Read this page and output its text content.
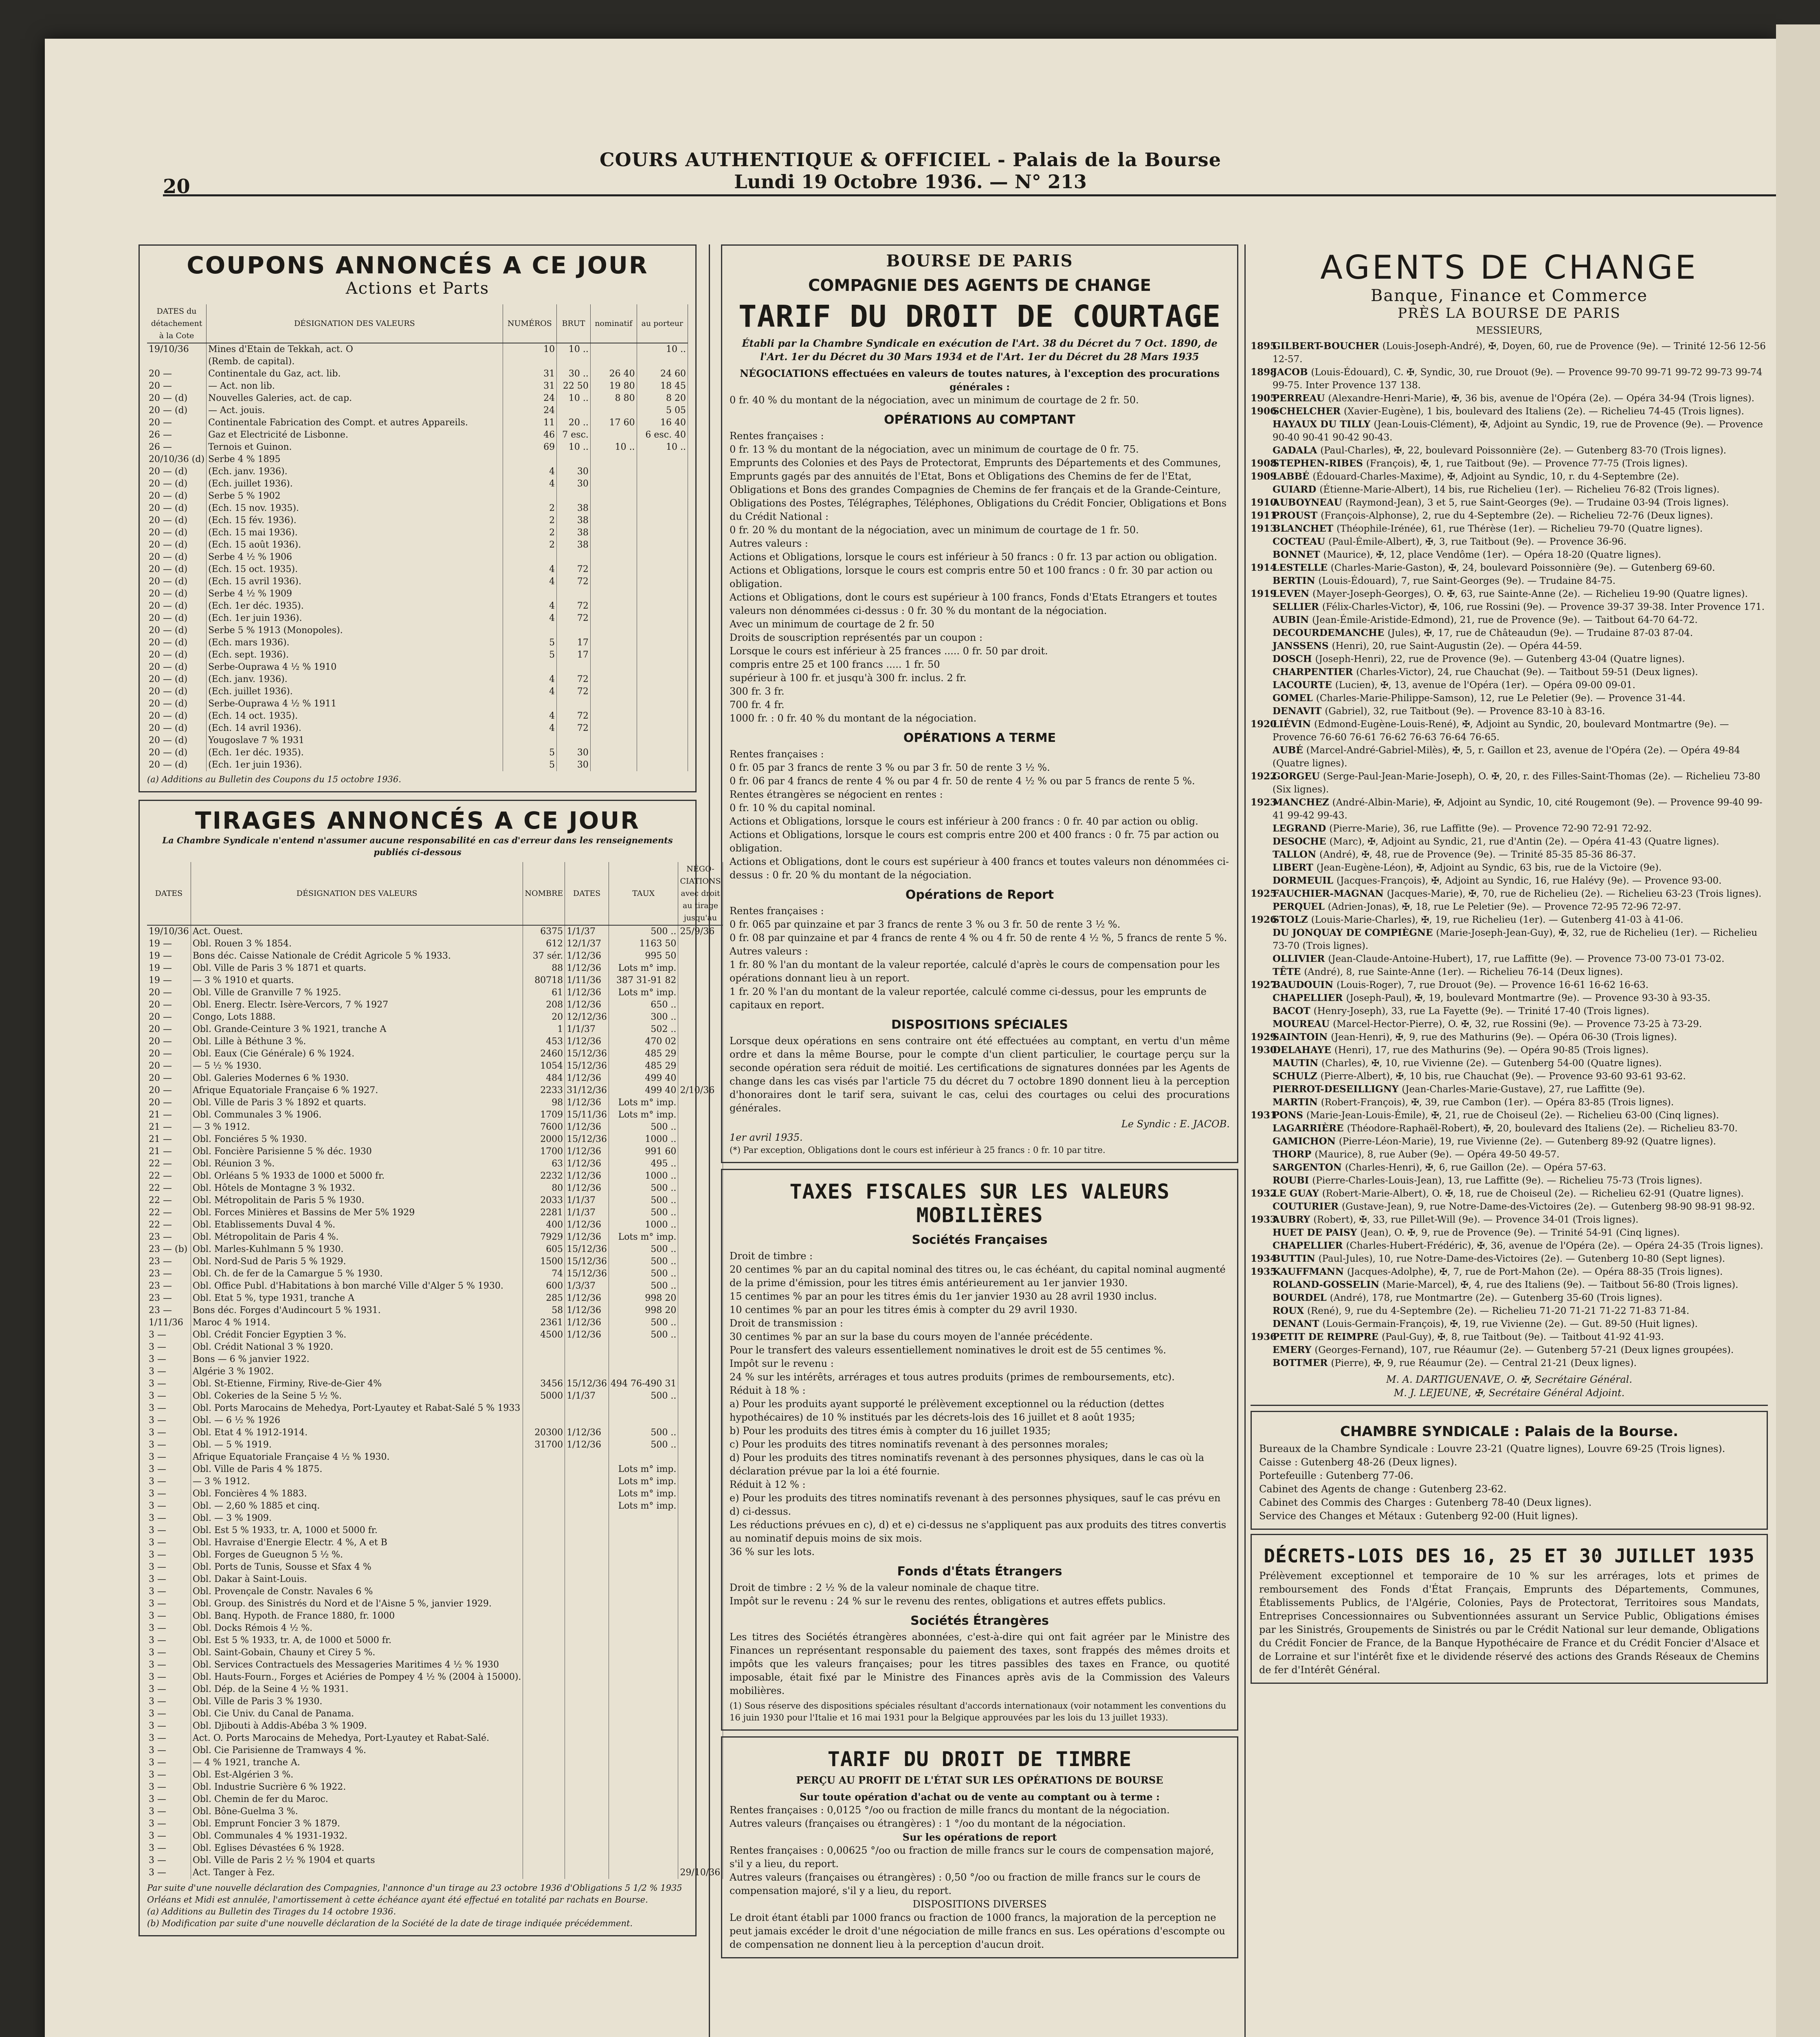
20
COURS AUTHENTIQUE & OFFICIEL - Palais de la Bourse
Lundi 19 Octobre 1936. — N° 213
COUPONS ANNONCÉS A CE JOUR
Actions et Parts
DATES du détachement à la Cote	DÉSIGNATION DES VALEURS	NUMÉROS	BRUT	nominatif	au porteur
19/10/36	Mines d'Etain de Tekkah, act. O	10	10 ..		10 ..
	(Remb. de capital).				
20 —	Continentale du Gaz, act. lib.	31	30 ..	26 40	24 60
20 —	— Act. non lib.	31	22 50	19 80	18 45
20 — (d)	Nouvelles Galeries, act. de cap.	24	10 ..	8 80	8 20
20 — (d)	— Act. jouis.	24			5 05
20 —	Continentale Fabrication des Compt. et autres Appareils.	11	20 ..	17 60	16 40
26 —	Gaz et Electricité de Lisbonne.	46	7 esc.		6 esc. 40
26 —	Ternois et Guinon.	69	10 ..	10 ..	10 ..
20/10/36 (d)	Serbe 4 % 1895				
20 — (d)	(Ech. janv. 1936).	4	30		
20 — (d)	(Ech. juillet 1936).	4	30		
20 — (d)	Serbe 5 % 1902				
20 — (d)	(Ech. 15 nov. 1935).	2	38		
20 — (d)	(Ech. 15 fév. 1936).	2	38		
20 — (d)	(Ech. 15 mai 1936).	2	38		
20 — (d)	(Ech. 15 août 1936).	2	38		
20 — (d)	Serbe 4 ½ % 1906				
20 — (d)	(Ech. 15 oct. 1935).	4	72		
20 — (d)	(Ech. 15 avril 1936).	4	72		
20 — (d)	Serbe 4 ½ % 1909				
20 — (d)	(Ech. 1er déc. 1935).	4	72		
20 — (d)	(Ech. 1er juin 1936).	4	72		
20 — (d)	Serbe 5 % 1913 (Monopoles).				
20 — (d)	(Ech. mars 1936).	5	17		
20 — (d)	(Ech. sept. 1936).	5	17		
20 — (d)	Serbe-Ouprawa 4 ½ % 1910				
20 — (d)	(Ech. janv. 1936).	4	72		
20 — (d)	(Ech. juillet 1936).	4	72		
20 — (d)	Serbe-Ouprawa 4 ½ % 1911				
20 — (d)	(Ech. 14 oct. 1935).	4	72		
20 — (d)	(Ech. 14 avril 1936).	4	72		
20 — (d)	Yougoslave 7 % 1931				
20 — (d)	(Ech. 1er déc. 1935).	5	30		
20 — (d)	(Ech. 1er juin 1936).	5	30		
(a) Additions au Bulletin des Coupons du 15 octobre 1936.
TIRAGES ANNONCÉS A CE JOUR
La Chambre Syndicale n'entend n'assumer aucune responsabilité en cas d'erreur dans les renseignements publiés ci-dessous
DATES	DÉSIGNATION DES VALEURS	NOMBRE	DATES	TAUX	NÉGO-CIATIONS avec droit au tirage jusqu'au
19/10/36	Act. Ouest.	6375	1/1/37	500 ..	25/9/36
19 —	Obl. Rouen 3 % 1854.	612	12/1/37	1163 50	
19 —	Bons déc. Caisse Nationale de Crédit Agricole 5 % 1933.	37 sér.	1/12/36	995 50	
19 —	Obl. Ville de Paris 3 % 1871 et quarts.	88	1/12/36	Lots m° imp.	
19 —	— 3 % 1910 et quarts.	80718	1/11/36	387 31-91 82	
20 —	Obl. Ville de Granville 7 % 1925.	61	1/12/36	Lots m° imp.	
20 —	Obl. Energ. Electr. Isère-Vercors, 7 % 1927	208	1/12/36	650 ..	
20 —	Congo, Lots 1888.	20	12/12/36	300 ..	
20 —	Obl. Grande-Ceinture 3 % 1921, tranche A	1	1/1/37	502 ..	
20 —	Obl. Lille à Béthune 3 %.	453	1/12/36	470 02	
20 —	Obl. Eaux (Cie Générale) 6 % 1924.	2460	15/12/36	485 29	
20 —	— 5 ½ % 1930.	1054	15/12/36	485 29	
20 —	Obl. Galeries Modernes 6 % 1930.	484	1/12/36	499 40	
20 —	Afrique Equatoriale Française 6 % 1927.	2233	31/12/36	499 40	2/10/36
20 —	Obl. Ville de Paris 3 % 1892 et quarts.	98	1/12/36	Lots m° imp.	
21 —	Obl. Communales 3 % 1906.	1709	15/11/36	Lots m° imp.	
21 —	— 3 % 1912.	7600	1/12/36	500 ..	
21 —	Obl. Fonciéres 5 % 1930.	2000	15/12/36	1000 ..	
21 —	Obl. Foncière Parisienne 5 % déc. 1930	1700	1/12/36	991 60	
22 —	Obl. Réunion 3 %.	63	1/12/36	495 ..	
22 —	Obl. Orléans 5 % 1933 de 1000 et 5000 fr.	2232	1/12/36	1000 ..	
22 —	Obl. Hôtels de Montagne 3 % 1932.	80	1/12/36	500 ..	
22 —	Obl. Métropolitain de Paris 5 % 1930.	2033	1/1/37	500 ..	
22 —	Obl. Forces Minières et Bassins de Mer 5% 1929	2281	1/1/37	500 ..	
22 —	Obl. Etablissements Duval 4 %.	400	1/12/36	1000 ..	
23 —	Obl. Métropolitain de Paris 4 %.	7929	1/12/36	Lots m° imp.	
23 — (b)	Obl. Marles-Kuhlmann 5 % 1930.	605	15/12/36	500 ..	
23 —	Obl. Nord-Sud de Paris 5 % 1929.	1500	15/12/36	500 ..	
23 —	Obl. Ch. de fer de la Camargue 5 % 1930.	74	15/12/36	500 ..	
23 —	Obl. Office Publ. d'Habitations à bon marché Ville d'Alger 5 % 1930.	600	1/3/37	500 ..	
23 —	Obl. Etat 5 %, type 1931, tranche A	285	1/12/36	998 20	
23 —	Bons déc. Forges d'Audincourt 5 % 1931.	58	1/12/36	998 20	
1/11/36	Maroc 4 % 1914.	2361	1/12/36	500 ..	
3 —	Obl. Crédit Foncier Egyptien 3 %.	4500	1/12/36	500 ..	
3 —	Obl. Crédit National 3 % 1920.				
3 —	Bons — 6 % janvier 1922.				
3 —	Algérie 3 % 1902.				
3 —	Obl. St-Etienne, Firminy, Rive-de-Gier 4%	3456	15/12/36	494 76-490 31	
3 —	Obl. Cokeries de la Seine 5 ½ %.	5000	1/1/37	500 ..	
3 —	Obl. Ports Marocains de Mehedya, Port-Lyautey et Rabat-Salé 5 % 1933				
3 —	Obl. — 6 ½ % 1926				
3 —	Obl. Etat 4 % 1912-1914.	20300	1/12/36	500 ..	
3 —	Obl. — 5 % 1919.	31700	1/12/36	500 ..	
3 —	Afrique Equatoriale Française 4 ½ % 1930.				
3 —	Obl. Ville de Paris 4 % 1875.			Lots m° imp.	
3 —	— 3 % 1912.			Lots m° imp.	
3 —	Obl. Foncières 4 % 1883.			Lots m° imp.	
3 —	Obl. — 2,60 % 1885 et cinq.			Lots m° imp.	
3 —	Obl. — 3 % 1909.				
3 —	Obl. Est 5 % 1933, tr. A, 1000 et 5000 fr.				
3 —	Obl. Havraise d'Energie Electr. 4 %, A et B				
3 —	Obl. Forges de Gueugnon 5 ½ %.				
3 —	Obl. Ports de Tunis, Sousse et Sfax 4 %				
3 —	Obl. Dakar à Saint-Louis.				
3 —	Obl. Provençale de Constr. Navales 6 %				
3 —	Obl. Group. des Sinistrés du Nord et de l'Aisne 5 %, janvier 1929.				
3 —	Obl. Banq. Hypoth. de France 1880, fr. 1000				
3 —	Obl. Docks Rémois 4 ½ %.				
3 —	Obl. Est 5 % 1933, tr. A, de 1000 et 5000 fr.				
3 —	Obl. Saint-Gobain, Chauny et Cirey 5 %.				
3 —	Obl. Services Contractuels des Messageries Maritimes 4 ½ % 1930				
3 —	Obl. Hauts-Fourn., Forges et Aciéries de Pompey 4 ½ % (2004 à 15000).				
3 —	Obl. Dép. de la Seine 4 ½ % 1931.				
3 —	Obl. Ville de Paris 3 % 1930.				
3 —	Obl. Cie Univ. du Canal de Panama.				
3 —	Obl. Djibouti à Addis-Abéba 3 % 1909.				
3 —	Act. O. Ports Marocains de Mehedya, Port-Lyautey et Rabat-Salé.				
3 —	Obl. Cie Parisienne de Tramways 4 %.				
3 —	— 4 % 1921, tranche A.				
3 —	Obl. Est-Algérien 3 %.				
3 —	Obl. Industrie Sucrière 6 % 1922.				
3 —	Obl. Chemin de fer du Maroc.				
3 —	Obl. Bône-Guelma 3 %.				
3 —	Obl. Emprunt Foncier 3 % 1879.				
3 —	Obl. Communales 4 % 1931-1932.				
3 —	Obl. Eglises Dévastées 6 % 1928.				
3 —	Obl. Ville de Paris 2 ½ % 1904 et quarts				
3 —	Act. Tanger à Fez.				29/10/36
Par suite d'une nouvelle déclaration des Compagnies, l'annonce d'un tirage au 23 octobre 1936 d'Obligations 5 1/2 % 1935 Orléans et Midi est annulée, l'amortissement à cette échéance ayant été effectué en totalité par rachats en Bourse.
(a) Additions au Bulletin des Tirages du 14 octobre 1936.
(b) Modification par suite d'une nouvelle déclaration de la Société de la date de tirage indiquée précédemment.
BOURSE DE PARIS
COMPAGNIE DES AGENTS DE CHANGE
TARIF DU DROIT DE COURTAGE
Établi par la Chambre Syndicale en exécution de l'Art. 38 du Décret du 7 Oct. 1890, de l'Art. 1er du Décret du 30 Mars 1934 et de l'Art. 1er du Décret du 28 Mars 1935
NÉGOCIATIONS effectuées en valeurs de toutes natures, à l'exception des procurations générales :
0 fr. 40 % du montant de la négociation, avec un minimum de courtage de 2 fr. 50.
OPÉRATIONS AU COMPTANT
Rentes françaises :
0 fr. 13 % du montant de la négociation, avec un minimum de courtage de 0 fr. 75.
Emprunts des Colonies et des Pays de Protectorat, Emprunts des Départements et des Communes, Emprunts gagés par des annuités de l'Etat, Bons et Obligations des Chemins de fer de l'Etat, Obligations et Bons des grandes Compagnies de Chemins de fer français et de la Grande-Ceinture, Obligations des Postes, Télégraphes, Téléphones, Obligations du Crédit Foncier, Obligations et Bons du Crédit National :
0 fr. 20 % du montant de la négociation, avec un minimum de courtage de 1 fr. 50.
Autres valeurs :
Actions et Obligations, lorsque le cours est inférieur à 50 francs : 0 fr. 13 par action ou obligation.
Actions et Obligations, lorsque le cours est compris entre 50 et 100 francs : 0 fr. 30 par action ou obligation.
Actions et Obligations, dont le cours est supérieur à 100 francs, Fonds d'Etats Etrangers et toutes valeurs non dénommées ci-dessus : 0 fr. 30 % du montant de la négociation.
Avec un minimum de courtage de 2 fr. 50
Droits de souscription représentés par un coupon :
Lorsque le cours est inférieur à 25 frances ..... 0 fr. 50 par droit.
compris entre 25 et 100 francs ..... 1 fr. 50
supérieur à 100 fr. et jusqu'à 300 fr. inclus. 2 fr.
300 fr. 3 fr.
700 fr. 4 fr.
1000 fr. : 0 fr. 40 % du montant de la négociation.
OPÉRATIONS A TERME
Rentes françaises :
0 fr. 05 par 3 francs de rente 3 % ou par 3 fr. 50 de rente 3 ½ %.
0 fr. 06 par 4 francs de rente 4 % ou par 4 fr. 50 de rente 4 ½ % ou par 5 francs de rente 5 %.
Rentes étrangères se négocient en rentes :
0 fr. 10 % du capital nominal.
Actions et Obligations, lorsque le cours est inférieur à 200 francs : 0 fr. 40 par action ou oblig.
Actions et Obligations, lorsque le cours est compris entre 200 et 400 francs : 0 fr. 75 par action ou obligation.
Actions et Obligations, dont le cours est supérieur à 400 francs et toutes valeurs non dénommées ci-dessus : 0 fr. 20 % du montant de la négociation.
Opérations de Report
Rentes françaises :
0 fr. 065 par quinzaine et par 3 francs de rente 3 % ou 3 fr. 50 de rente 3 ½ %.
0 fr. 08 par quinzaine et par 4 francs de rente 4 % ou 4 fr. 50 de rente 4 ½ %, 5 francs de rente 5 %.
Autres valeurs :
1 fr. 80 % l'an du montant de la valeur reportée, calculé d'après le cours de compensation pour les opérations donnant lieu à un report.
1 fr. 20 % l'an du montant de la valeur reportée, calculé comme ci-dessus, pour les emprunts de capitaux en report.
DISPOSITIONS SPÉCIALES
Lorsque deux opérations en sens contraire ont été effectuées au comptant, en vertu d'un même ordre et dans la même Bourse, pour le compte d'un client particulier, le courtage perçu sur la seconde opération sera réduit de moitié. Les certifications de signatures données par les Agents de change dans les cas visés par l'article 75 du décret du 7 octobre 1890 donnent lieu à la perception d'honoraires dont le tarif sera, suivant le cas, celui des courtages ou celui des procurations générales.
Le Syndic : E. JACOB.
1er avril 1935.
(*) Par exception, Obligations dont le cours est inférieur à 25 francs : 0 fr. 10 par titre.
TAXES FISCALES SUR LES VALEURS MOBILIÈRES
Sociétés Françaises
Droit de timbre :
20 centimes % par an du capital nominal des titres ou, le cas échéant, du capital nominal augmenté de la prime d'émission, pour les titres émis antérieurement au 1er janvier 1930.
15 centimes % par an pour les titres émis du 1er janvier 1930 au 28 avril 1930 inclus.
10 centimes % par an pour les titres émis à compter du 29 avril 1930.
Droit de transmission :
30 centimes % par an sur la base du cours moyen de l'année précédente.
Pour le transfert des valeurs essentiellement nominatives le droit est de 55 centimes %.
Impôt sur le revenu :
24 % sur les intérêts, arrérages et tous autres produits (primes de remboursements, etc).
Réduit à 18 % :
a) Pour les produits ayant supporté le prélèvement exceptionnel ou la réduction (dettes hypothécaires) de 10 % institués par les décrets-lois des 16 juillet et 8 août 1935;
b) Pour les produits des titres émis à compter du 16 juillet 1935;
c) Pour les produits des titres nominatifs revenant à des personnes morales;
d) Pour les produits des titres nominatifs revenant à des personnes physiques, dans le cas où la déclaration prévue par la loi a été fournie.
Réduit à 12 % :
e) Pour les produits des titres nominatifs revenant à des personnes physiques, sauf le cas prévu en d) ci-dessus.
Les réductions prévues en c), d) et e) ci-dessus ne s'appliquent pas aux produits des titres convertis au nominatif depuis moins de six mois.
36 % sur les lots.
Fonds d'États Étrangers
Droit de timbre : 2 ½ % de la valeur nominale de chaque titre.
Impôt sur le revenu : 24 % sur le revenu des rentes, obligations et autres effets publics.
Sociétés Étrangères
Les titres des Sociétés étrangères abonnées, c'est-à-dire qui ont fait agréer par le Ministre des Finances un représentant responsable du paiement des taxes, sont frappés des mêmes droits et impôts que les valeurs françaises; pour les titres passibles des taxes en France, ou quotité imposable, était fixé par le Ministre des Finances après avis de la Commission des Valeurs mobilières.
(1) Sous réserve des dispositions spéciales résultant d'accords internationaux (voir notamment les conventions du 16 juin 1930 pour l'Italie et 16 mai 1931 pour la Belgique approuvées par les lois du 13 juillet 1933).
TARIF DU DROIT DE TIMBRE
PERÇU AU PROFIT DE L'ÉTAT SUR LES OPÉRATIONS DE BOURSE
Sur toute opération d'achat ou de vente au comptant ou à terme :
Rentes françaises : 0,0125 °/oo ou fraction de mille francs du montant de la négociation.
Autres valeurs (françaises ou étrangères) : 1 °/oo du montant de la négociation.
Sur les opérations de report
Rentes françaises : 0,00625 °/oo ou fraction de mille francs sur le cours de compensation majoré, s'il y a lieu, du report.
Autres valeurs (françaises ou étrangères) : 0,50 °/oo ou fraction de mille francs sur le cours de compensation majoré, s'il y a lieu, du report.
DISPOSITIONS DIVERSES
Le droit étant établi par 1000 francs ou fraction de 1000 francs, la majoration de la perception ne peut jamais excéder le droit d'une négociation de mille francs en sus. Les opérations d'escompte ou de compensation ne donnent lieu à la perception d'aucun droit.
AGENTS DE CHANGE
Banque, Finance et Commerce
PRÈS LA BOURSE DE PARIS
MESSIEURS,
1895GILBERT-BOUCHER (Louis-Joseph-André), ✠, Doyen, 60, rue de Provence (9e). — Trinité 12-56 12-56 12-57.
1898JACOB (Louis-Édouard), C. ✠, Syndic, 30, rue Drouot (9e). — Provence 99-70 99-71 99-72 99-73 99-74 99-75. Inter Provence 137 138.
1905PERREAU (Alexandre-Henri-Marie), ✠, 36 bis, avenue de l'Opéra (2e). — Opéra 34-94 (Trois lignes).
1906SCHELCHER (Xavier-Eugène), 1 bis, boulevard des Italiens (2e). — Richelieu 74-45 (Trois lignes).
HAYAUX DU TILLY (Jean-Louis-Clément), ✠, Adjoint au Syndic, 19, rue de Provence (9e). — Provence 90-40 90-41 90-42 90-43.
GADALA (Paul-Charles), ✠, 22, boulevard Poissonnière (2e). — Gutenberg 83-70 (Trois lignes).
1908STEPHEN-RIBES (François), ✠, 1, rue Taitbout (9e). — Provence 77-75 (Trois lignes).
1909LABBÉ (Édouard-Charles-Maxime), ✠, Adjoint au Syndic, 10, r. du 4-Septembre (2e).
GUIARD (Étienne-Marie-Albert), 14 bis, rue Richelieu (1er). — Richelieu 76-82 (Trois lignes).
1910AUBOYNEAU (Raymond-Jean), 3 et 5, rue Saint-Georges (9e). — Trudaine 03-94 (Trois lignes).
1911PROUST (François-Alphonse), 2, rue du 4-Septembre (2e). — Richelieu 72-76 (Deux lignes).
1913BLANCHET (Théophile-Irénée), 61, rue Thérèse (1er). — Richelieu 79-70 (Quatre lignes).
COCTEAU (Paul-Émile-Albert), ✠, 3, rue Taitbout (9e). — Provence 36-96.
BONNET (Maurice), ✠, 12, place Vendôme (1er). — Opéra 18-20 (Quatre lignes).
1914LESTELLE (Charles-Marie-Gaston), ✠, 24, boulevard Poissonnière (9e). — Gutenberg 69-60.
BERTIN (Louis-Édouard), 7, rue Saint-Georges (9e). — Trudaine 84-75.
1919LEVEN (Mayer-Joseph-Georges), O. ✠, 63, rue Sainte-Anne (2e). — Richelieu 19-90 (Quatre lignes).
SELLIER (Félix-Charles-Victor), ✠, 106, rue Rossini (9e). — Provence 39-37 39-38. Inter Provence 171.
AUBIN (Jean-Émile-Aristide-Edmond), 21, rue de Provence (9e). — Taitbout 64-70 64-72.
DECOURDEMANCHE (Jules), ✠, 17, rue de Châteaudun (9e). — Trudaine 87-03 87-04.
JANSSENS (Henri), 20, rue Saint-Augustin (2e). — Opéra 44-59.
DOSCH (Joseph-Henri), 22, rue de Provence (9e). — Gutenberg 43-04 (Quatre lignes).
CHARPENTIER (Charles-Victor), 24, rue Chauchat (9e). — Taitbout 59-51 (Deux lignes).
LACOURTE (Lucien), ✠, 13, avenue de l'Opéra (1er). — Opéra 09-00 09-01.
GOMEL (Charles-Marie-Philippe-Samson), 12, rue Le Peletier (9e). — Provence 31-44.
DENAVIT (Gabriel), 32, rue Taitbout (9e). — Provence 83-10 à 83-16.
1920LIÉVIN (Edmond-Eugène-Louis-René), ✠, Adjoint au Syndic, 20, boulevard Montmartre (9e). — Provence 76-60 76-61 76-62 76-63 76-64 76-65.
AUBÉ (Marcel-André-Gabriel-Milès), ✠, 5, r. Gaillon et 23, avenue de l'Opéra (2e). — Opéra 49-84 (Quatre lignes).
1922GORGEU (Serge-Paul-Jean-Marie-Joseph), O. ✠, 20, r. des Filles-Saint-Thomas (2e). — Richelieu 73-80 (Six lignes).
1923MANCHEZ (André-Albin-Marie), ✠, Adjoint au Syndic, 10, cité Rougemont (9e). — Provence 99-40 99-41 99-42 99-43.
LEGRAND (Pierre-Marie), 36, rue Laffitte (9e). — Provence 72-90 72-91 72-92.
DESOCHE (Marc), ✠, Adjoint au Syndic, 21, rue d'Antin (2e). — Opéra 41-43 (Quatre lignes).
TALLON (André), ✠, 48, rue de Provence (9e). — Trinité 85-35 85-36 86-37.
LIBERT (Jean-Eugène-Léon), ✠, Adjoint au Syndic, 63 bis, rue de la Victoire (9e).
DORMEUIL (Jacques-François), ✠, Adjoint au Syndic, 16, rue Halévy (9e). — Provence 93-00.
1925FAUCHIER-MAGNAN (Jacques-Marie), ✠, 70, rue de Richelieu (2e). — Richelieu 63-23 (Trois lignes).
PERQUEL (Adrien-Jonas), ✠, 18, rue Le Peletier (9e). — Provence 72-95 72-96 72-97.
1926STOLZ (Louis-Marie-Charles), ✠, 19, rue Richelieu (1er). — Gutenberg 41-03 à 41-06.
DU JONQUAY DE COMPIÈGNE (Marie-Joseph-Jean-Guy), ✠, 32, rue de Richelieu (1er). — Richelieu 73-70 (Trois lignes).
OLLIVIER (Jean-Claude-Antoine-Hubert), 17, rue Laffitte (9e). — Provence 73-00 73-01 73-02.
TÊTE (André), 8, rue Sainte-Anne (1er). — Richelieu 76-14 (Deux lignes).
1927BAUDOUIN (Louis-Roger), 7, rue Drouot (9e). — Provence 16-61 16-62 16-63.
CHAPELLIER (Joseph-Paul), ✠, 19, boulevard Montmartre (9e). — Provence 93-30 à 93-35.
BACOT (Henry-Joseph), 33, rue La Fayette (9e). — Trinité 17-40 (Trois lignes).
MOUREAU (Marcel-Hector-Pierre), O. ✠, 32, rue Rossini (9e). — Provence 73-25 à 73-29.
1929SAINTOIN (Jean-Henri), ✠, 9, rue des Mathurins (9e). — Opéra 06-30 (Trois lignes).
1930DELAHAYE (Henri), 17, rue des Mathurins (9e). — Opéra 90-85 (Trois lignes).
MAUTIN (Charles), ✠, 10, rue Vivienne (2e). — Gutenberg 54-00 (Quatre lignes).
SCHULZ (Pierre-Albert), ✠, 10 bis, rue Chauchat (9e). — Provence 93-60 93-61 93-62.
PIERROT-DESEILLIGNY (Jean-Charles-Marie-Gustave), 27, rue Laffitte (9e).
MARTIN (Robert-François), ✠, 39, rue Cambon (1er). — Opéra 83-85 (Trois lignes).
1931PONS (Marie-Jean-Louis-Émile), ✠, 21, rue de Choiseul (2e). — Richelieu 63-00 (Cinq lignes).
LAGARRIÈRE (Théodore-Raphaël-Robert), ✠, 20, boulevard des Italiens (2e). — Richelieu 83-70.
GAMICHON (Pierre-Léon-Marie), 19, rue Vivienne (2e). — Gutenberg 89-92 (Quatre lignes).
THORP (Maurice), 8, rue Auber (9e). — Opéra 49-50 49-57.
SARGENTON (Charles-Henri), ✠, 6, rue Gaillon (2e). — Opéra 57-63.
ROUBI (Pierre-Charles-Louis-Jean), 13, rue Laffitte (9e). — Richelieu 75-73 (Trois lignes).
1932LE GUAY (Robert-Marie-Albert), O. ✠, 18, rue de Choiseul (2e). — Richelieu 62-91 (Quatre lignes).
COUTURIER (Gustave-Jean), 9, rue Notre-Dame-des-Victoires (2e). — Gutenberg 98-90 98-91 98-92.
1933AUBRY (Robert), ✠, 33, rue Pillet-Will (9e). — Provence 34-01 (Trois lignes).
HUET DE PAISY (Jean), O. ✠, 9, rue de Provence (9e). — Trinité 54-91 (Cinq lignes).
CHAPELLIER (Charles-Hubert-Frédéric), ✠, 36, avenue de l'Opéra (2e). — Opéra 24-35 (Trois lignes).
1934BUTTIN (Paul-Jules), 10, rue Notre-Dame-des-Victoires (2e). — Gutenberg 10-80 (Sept lignes).
1935KAUFFMANN (Jacques-Adolphe), ✠, 7, rue de Port-Mahon (2e). — Opéra 88-35 (Trois lignes).
ROLAND-GOSSELIN (Marie-Marcel), ✠, 4, rue des Italiens (9e). — Taitbout 56-80 (Trois lignes).
BOURDEL (André), 178, rue Montmartre (2e). — Gutenberg 35-60 (Trois lignes).
ROUX (René), 9, rue du 4-Septembre (2e). — Richelieu 71-20 71-21 71-22 71-83 71-84.
DENANT (Louis-Germain-François), ✠, 19, rue Vivienne (2e). — Gut. 89-50 (Huit lignes).
1936PETIT DE REIMPRE (Paul-Guy), ✠, 8, rue Taitbout (9e). — Taitbout 41-92 41-93.
EMERY (Georges-Fernand), 107, rue Réaumur (2e). — Gutenberg 57-21 (Deux lignes groupées).
BOTTMER (Pierre), ✠, 9, rue Réaumur (2e). — Central 21-21 (Deux lignes).
M. A. DARTIGUENAVE, O. ✠, Secrétaire Général.
M. J. LEJEUNE, ✠, Secrétaire Général Adjoint.
CHAMBRE SYNDICALE : Palais de la Bourse.
Bureaux de la Chambre Syndicale : Louvre 23-21 (Quatre lignes), Louvre 69-25 (Trois lignes).
Caisse : Gutenberg 48-26 (Deux lignes).
Portefeuille : Gutenberg 77-06.
Cabinet des Agents de change : Gutenberg 23-62.
Cabinet des Commis des Charges : Gutenberg 78-40 (Deux lignes).
Service des Changes et Métaux : Gutenberg 92-00 (Huit lignes).
DÉCRETS-LOIS DES 16, 25 ET 30 JUILLET 1935
Prélèvement exceptionnel et temporaire de 10 % sur les arrérages, lots et primes de remboursement des Fonds d'État Français, Emprunts des Départements, Communes, Établissements Publics, de l'Algérie, Colonies, Pays de Protectorat, Territoires sous Mandats, Entreprises Concessionnaires ou Subventionnées assurant un Service Public, Obligations émises par les Sinistrés, Groupements de Sinistrés ou par le Crédit National sur leur demande, Obligations du Crédit Foncier de France, de la Banque Hypothécaire de France et du Crédit Foncier d'Alsace et de Lorraine et sur l'intérêt fixe et le dividende réservé des actions des Grands Réseaux de Chemins de fer d'Intérêt Général.
